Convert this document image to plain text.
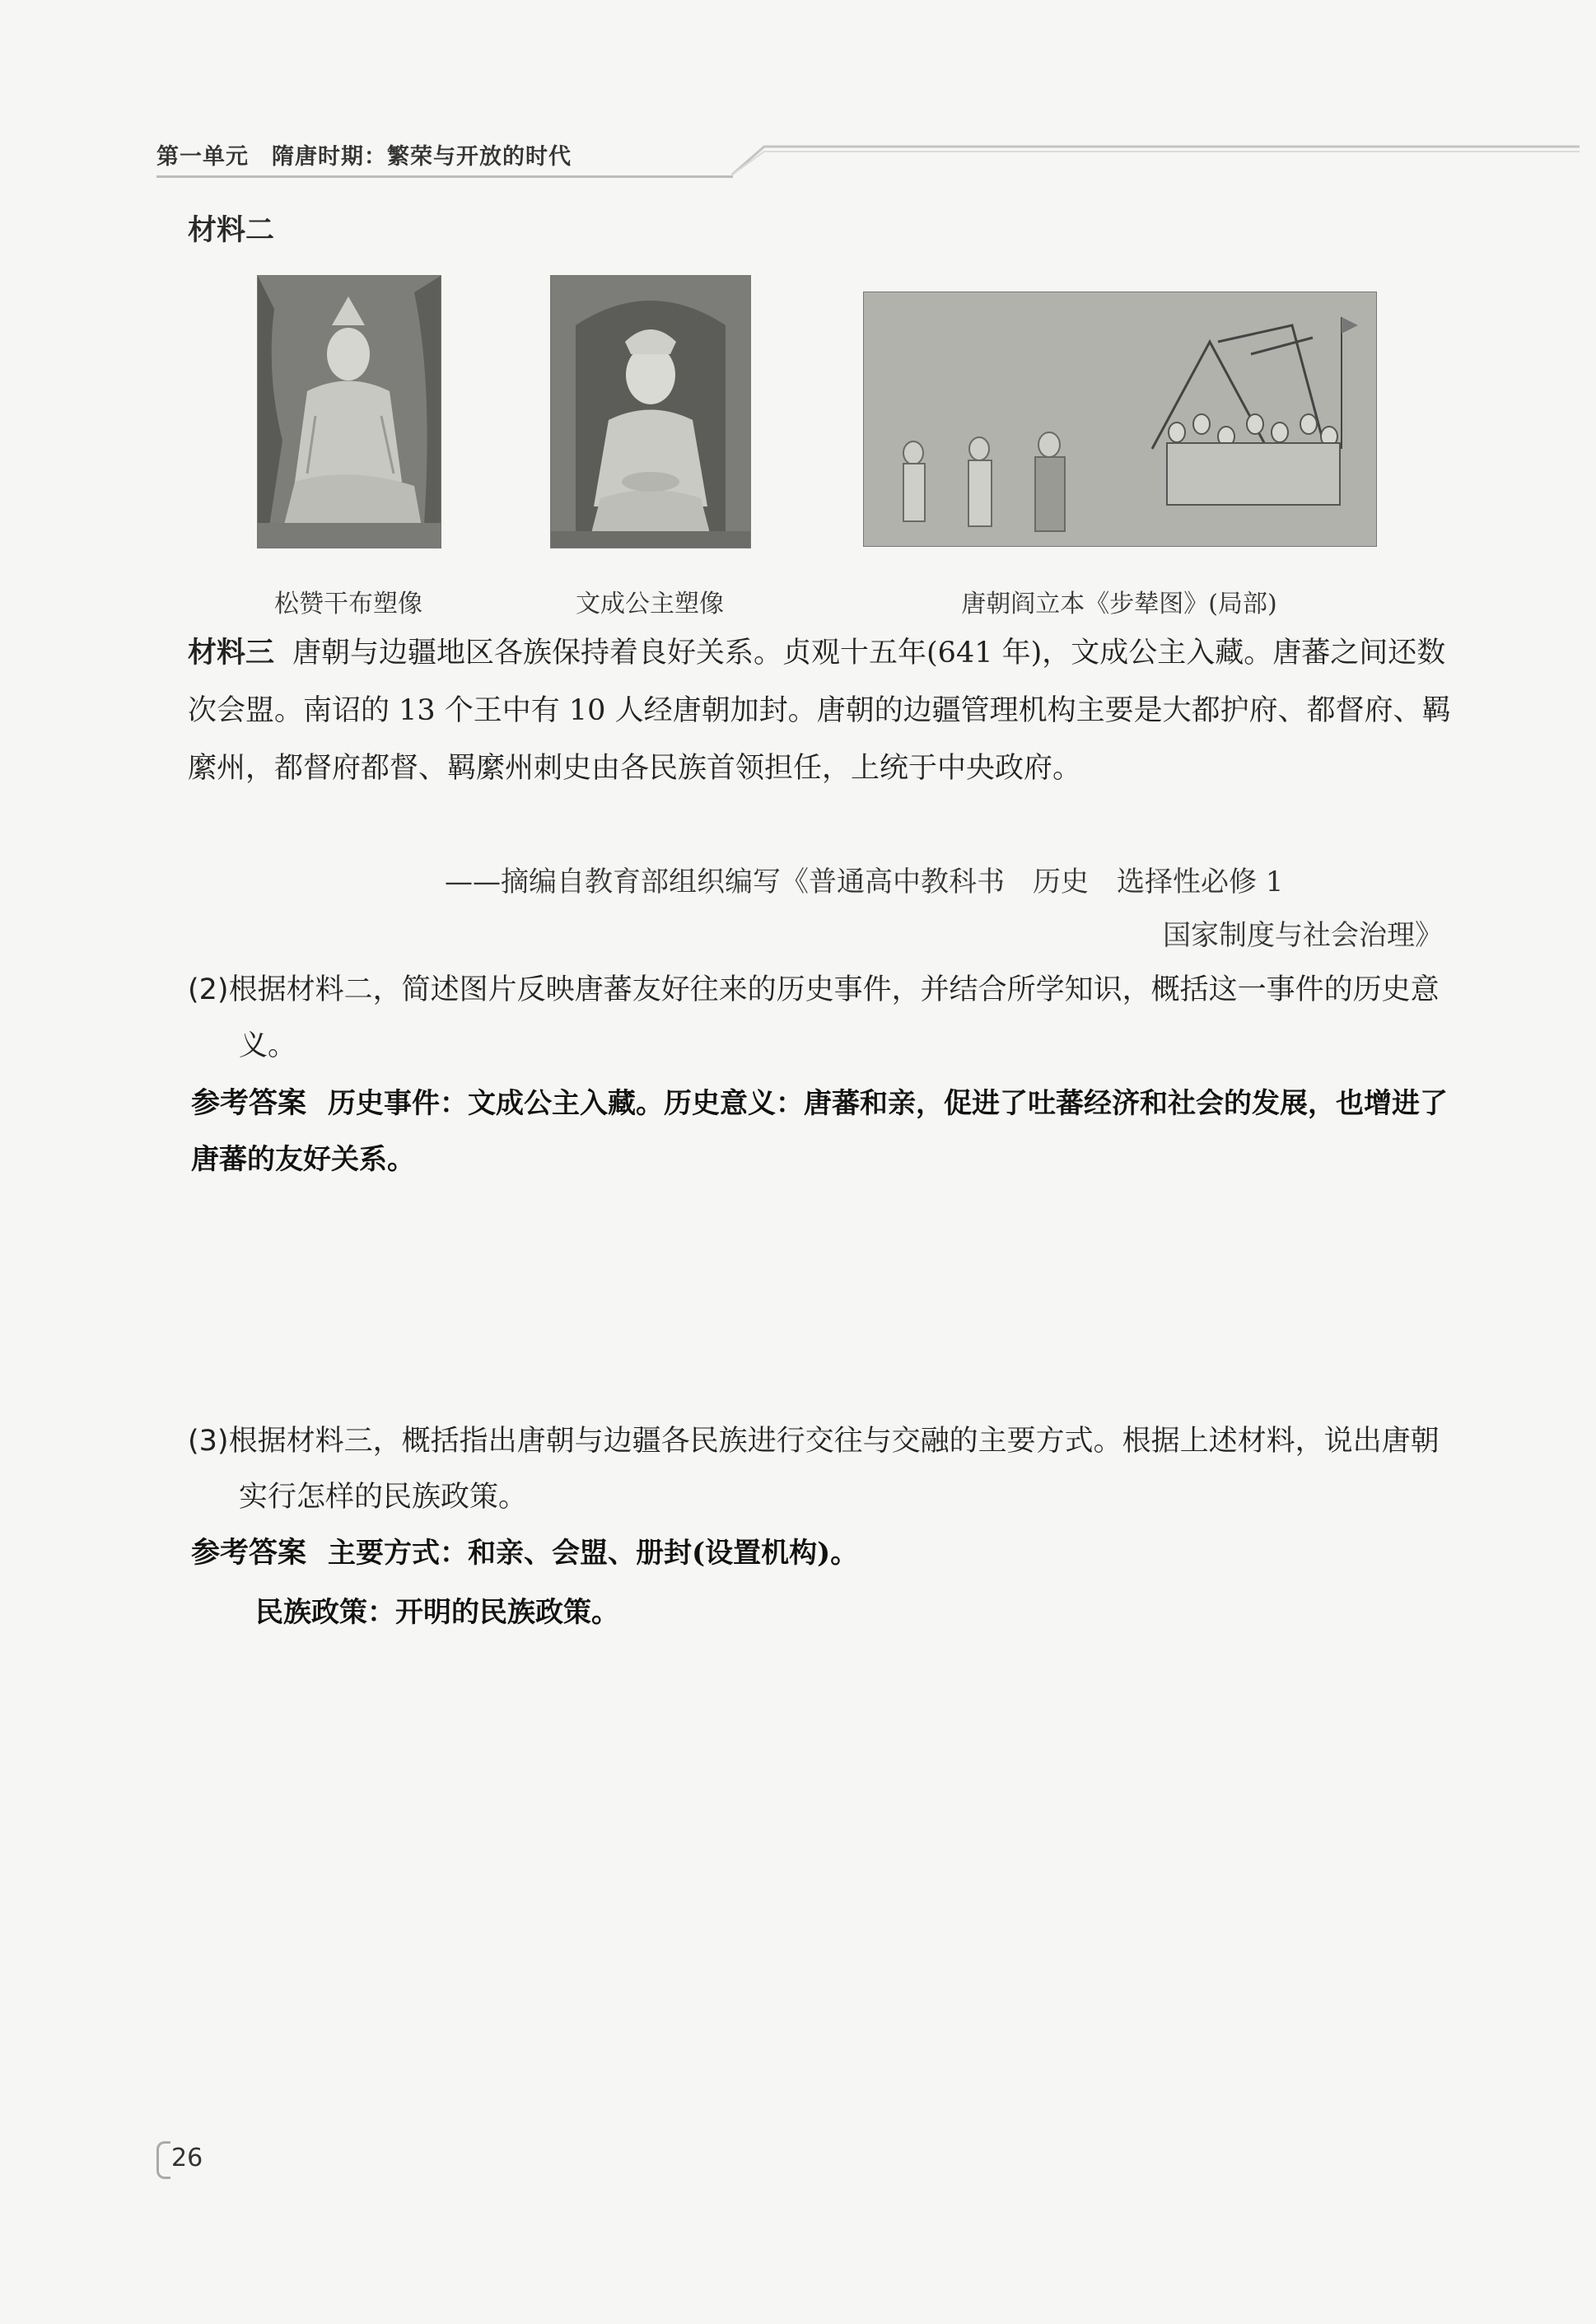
第一单元 隋唐时期：繁荣与开放的时代
材料二
松赞干布塑像	文成公主塑像	唐朝阎立本《步辇图》(局部)
材料三 唐朝与边疆地区各族保持着良好关系。贞观十五年(641 年)，文成公主入藏。唐蕃之间还数次会盟。南诏的 13 个王中有 10 人经唐朝加封。唐朝的边疆管理机构主要是大都护府、都督府、羁縻州，都督府都督、羁縻州刺史由各民族首领担任，上统于中央政府。
——摘编自教育部组织编写《普通高中教科书　历史　选择性必修 1
国家制度与社会治理》
(2)根据材料二，简述图片反映唐蕃友好往来的历史事件，并结合所学知识，概括这一事件的历史意义。
参考答案 历史事件：文成公主入藏。历史意义：唐蕃和亲，促进了吐蕃经济和社会的发展，也增进了唐蕃的友好关系。
(3)根据材料三，概括指出唐朝与边疆各民族进行交往与交融的主要方式。根据上述材料，说出唐朝实行怎样的民族政策。
参考答案 主要方式：和亲、会盟、册封(设置机构)。
民族政策：开明的民族政策。
26
